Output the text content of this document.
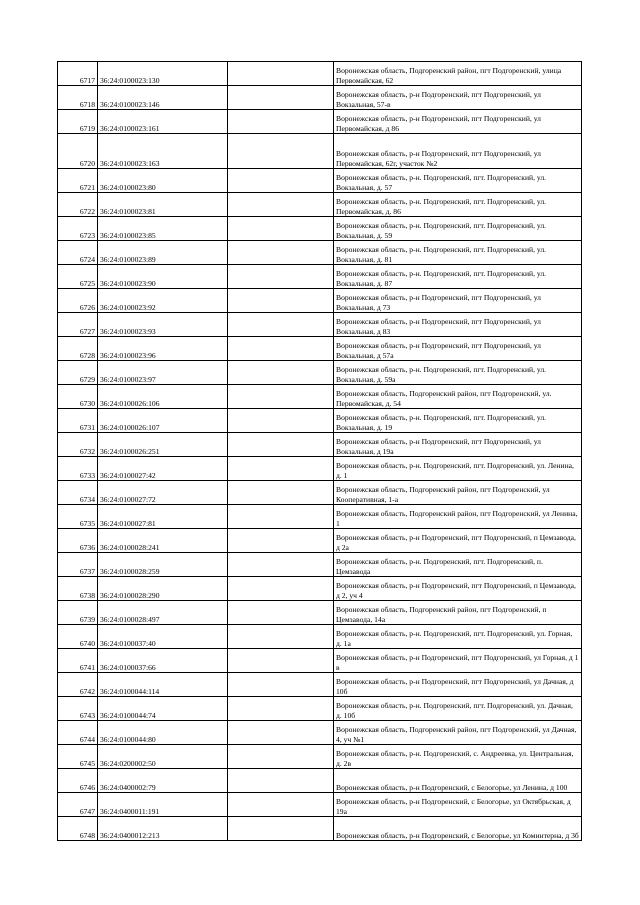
6717	36:24:0100023:130		Воронежская область, Подгоренский район, пгт Подгоренский, улица Первомайская, 62
6718	36:24:0100023:146		Воронежская область, р-н Подгоренский, пгт Подгоренский, ул Вокзальная, 57-в
6719	36:24:0100023:161		Воронежская область, р-н Подгоренский, пгт Подгоренский, ул Первомайская, д 86
6720	36:24:0100023:163		Воронежская область, р-н Подгоренский, пгт Подгоренский, ул Первомайская, 62г, участок №2
6721	36:24:0100023:80		Воронежская область, р-н. Подгоренский, пгт. Подгоренский, ул. Вокзальная, д. 57
6722	36:24:0100023:81		Воронежская область, р-н. Подгоренский, пгт. Подгоренский, ул. Первомайская, д. 86
6723	36:24:0100023:85		Воронежская область, р-н. Подгоренский, пгт. Подгоренский, ул. Вокзальная, д. 59
6724	36:24:0100023:89		Воронежская область, р-н. Подгоренский, пгт. Подгоренский, ул. Вокзальная, д. 81
6725	36:24:0100023:90		Воронежская область, р-н. Подгоренский, пгт. Подгоренский, ул. Вокзальная, д. 87
6726	36:24:0100023:92		Воронежская область, р-н Подгоренский, пгт Подгоренский, ул Вокзальная, д 73
6727	36:24:0100023:93		Воронежская область, р-н Подгоренский, пгт Подгоренский, ул Вокзальная, д 83
6728	36:24:0100023:96		Воронежская область, р-н Подгоренский, пгт Подгоренский, ул Вокзальная, д 57а
6729	36:24:0100023:97		Воронежская область, р-н. Подгоренский, пгт. Подгоренский, ул. Вокзальная, д. 59а
6730	36:24:0100026:106		Воронежская область, Подгоренский район, пгт Подгоренский, ул. Первомайская, д. 54
6731	36:24:0100026:107		Воронежская область, р-н. Подгоренский, пгт. Подгоренский, ул. Вокзальная, д. 19
6732	36:24:0100026:251		Воронежская область, р-н Подгоренский, пгт Подгоренский, ул Вокзальная, д 19а
6733	36:24:0100027:42		Воронежская область, р-н. Подгоренский, пгт. Подгоренский, ул. Ленина, д. 1
6734	36:24:0100027:72		Воронежская область, Подгоренский район, пгт Подгоренский, ул Кооперативная, 1-а
6735	36:24:0100027:81		Воронежская область, Подгоренский район, пгт Подгоренский, ул Ленина, 1
6736	36:24:0100028:241		Воронежская область, р-н Подгоренский, пгт Подгоренский, п Цемзавода, д 2а
6737	36:24:0100028:259		Воронежская область, р-н. Подгоренский, пгт. Подгоренский, п. Цемзавода
6738	36:24:0100028:290		Воронежская область, р-н Подгоренский, пгт Подгоренский, п Цемзавода, д 2, уч 4
6739	36:24:0100028:497		Воронежская область, Подгоренский район, пгт Подгоренский, п Цемзавода, 14а
6740	36:24:0100037:40		Воронежская область, р-н. Подгоренский, пгт. Подгоренский, ул. Горная, д. 1а
6741	36:24:0100037:66		Воронежская область, р-н Подгоренский, пгт Подгоренский, ул Горная, д 1 в
6742	36:24:0100044:114		Воронежская область, р-н Подгоренский, пгт Подгоренский, ул Дачная, д 10б
6743	36:24:0100044:74		Воронежская область, р-н. Подгоренский, пгт. Подгоренский, ул. Дачная, д. 10б
6744	36:24:0100044:80		Воронежская область, Подгоренский район, пгт Подгоренский, ул Дачная, 4, уч №1
6745	36:24:0200002:50		Воронежская область, р-н. Подгоренский, с. Андреевка, ул. Центральная, д. 2в
6746	36:24:0400002:79		Воронежская область, р-н Подгоренский, с Белогорье, ул Ленина, д 100
6747	36:24:0400011:191		Воронежская область, р-н Подгоренский, с Белогорье, ул Октябрьская, д 19а
6748	36:24:0400012:213		Воронежская область, р-н Подгоренский, с Белогорье, ул Коминтерна, д 3б
